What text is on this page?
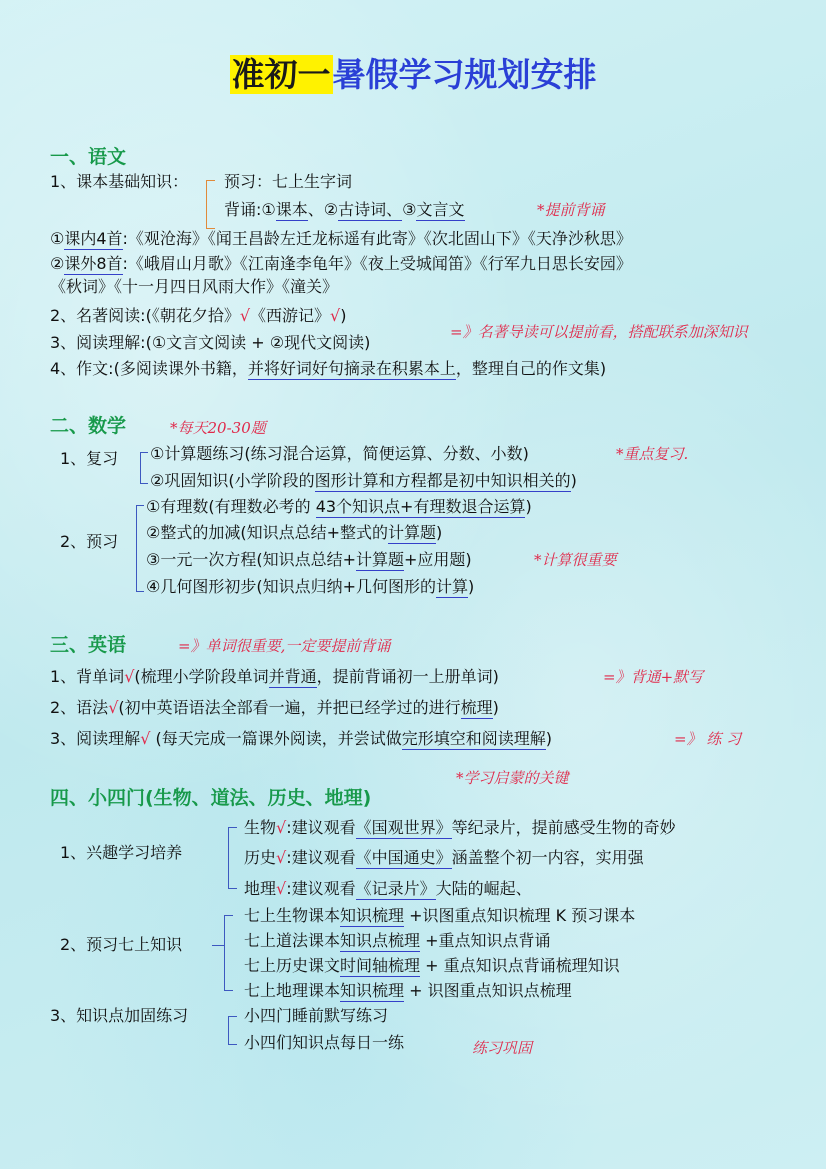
准初一暑假学习规划安排
一、语文
1、课本基础知识： 预习：七上生字词
背诵:①课本、②古诗词、③文言文	*提前背诵
①课内4首:《观沧海》《闻王昌龄左迁龙标遥有此寄》《次北固山下》《天净沙秋思》
②课外8首:《峨眉山月歌》《江南逢李龟年》《夜上受城闻笛》《行军九日思长安园》
《秋词》《十一月四日风雨大作》《潼关》
2、名著阅读:(《朝花夕拾》√《西游记》√)
3、阅读理解:(①文言文阅读 + ②现代文阅读)
=》名著导读可以提前看，搭配联系加深知识
4、作文:(多阅读课外书籍，并将好词好句摘录在积累本上，整理自己的作文集)
二、数学	*每天20-30题
1、复习 ①计算题练习(练习混合运算，简便运算、分数、小数)	*重点复习.
②巩固知识(小学阶段的图形计算和方程都是初中知识相关的)
2、预习
①有理数(有理数必考的 43个知识点+有理数退合运算)
②整式的加减(知识点总结+整式的计算题)
③一元一次方程(知识点总结+计算题+应用题)	*计算很重要
④几何图形初步(知识点归纳+几何图形的计算)
三、英语	=》单词很重要,一定要提前背诵
1、背单词√(梳理小学阶段单词并背通，提前背诵初一上册单词)	=》背通+默写
2、语法√(初中英语语法全部看一遍，并把已经学过的进行梳理)
3、阅读理解√ (每天完成一篇课外阅读，并尝试做完形填空和阅读理解)	=》 练 习
*学习启蒙的关键
四、小四门(生物、道法、历史、地理)
1、兴趣学习培养
生物√:建议观看《国观世界》等纪录片，提前感受生物的奇妙
历史√:建议观看《中国通史》涵盖整个初一内容，实用强
地理√:建议观看《记录片》大陆的崛起、
2、预习七上知识
七上生物课本知识梳理 +识图重点知识梳理 K 预习课本
七上道法课本知识点梳理 +重点知识点背诵
七上历史课文时间轴梳理 + 重点知识点背诵梳理知识
七上地理课本知识梳理 + 识图重点知识点梳理
3、知识点加固练习	小四门睡前默写练习
小四们知识点每日一练	练习巩固
